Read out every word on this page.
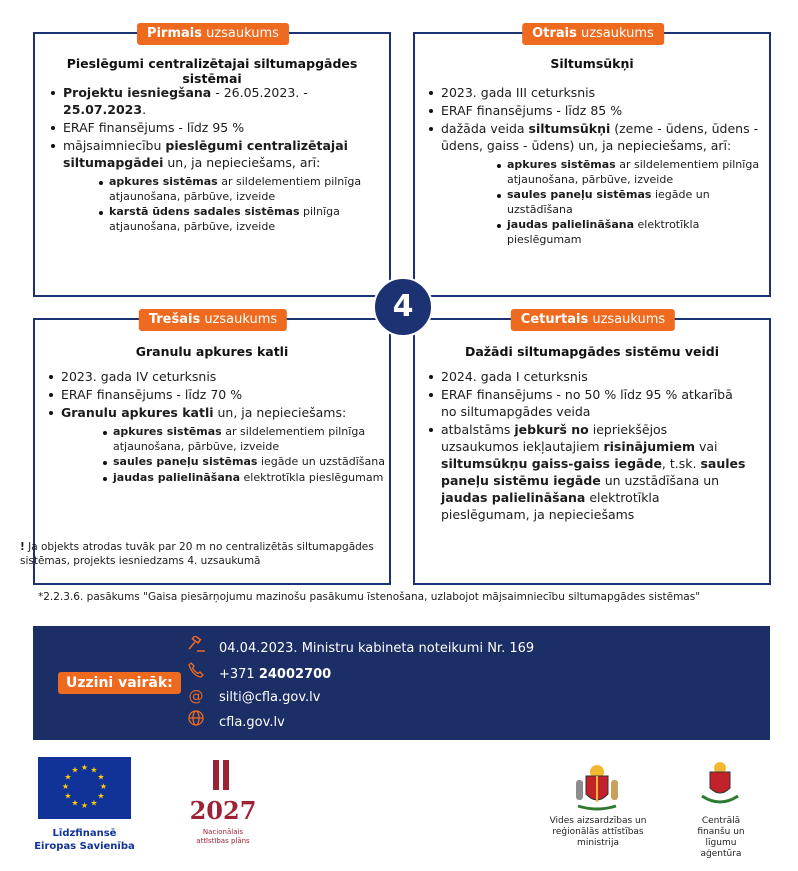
Pirmais uzsaukums
Pieslēgumi centralizētajai siltumapgādes sistēmai
Projektu iesniegšana - 26.05.2023. - 25.07.2023.
ERAF finansējums - līdz 95 %
mājsaimniecību pieslēgumi centralizētajai siltumapgādei un, ja nepieciešams, arī:
apkures sistēmas ar sildelementiem pilnīga atjaunošana, pārbūve, izveide
karstā ūdens sadales sistēmas pilnīga atjaunošana, pārbūve, izveide
Otrais uzsaukums
Siltumsūkņi
2023. gada III ceturksnis
ERAF finansējums - līdz 85 %
dažāda veida siltumsūkņi (zeme - ūdens, ūdens - ūdens, gaiss - ūdens) un, ja nepieciešams, arī:
apkures sistēmas ar sildelementiem pilnīga atjaunošana, pārbūve, izveide
saules paneļu sistēmas iegāde un uzstādīšana
jaudas palielināšana elektrotīkla pieslēgumam
Trešais uzsaukums
Granulu apkures katli
2023. gada IV ceturksnis
ERAF finansējums - līdz 70 %
Granulu apkures katli un, ja nepieciešams:
apkures sistēmas ar sildelementiem pilnīga atjaunošana, pārbūve, izveide
saules paneļu sistēmas iegāde un uzstādīšana
jaudas palielināšana elektrotīkla pieslēgumam
! Ja objekts atrodas tuvāk par 20 m no centralizētās siltumapgādes sistēmas, projekts iesniedzams 4. uzsaukumā
Ceturtais uzsaukums
Dažādi siltumapgādes sistēmu veidi
2024. gada I ceturksnis
ERAF finansējums - no 50 % līdz 95 % atkarībā no siltumapgādes veida
atbalstāms jebkurš no iepriekšējos uzsaukumos iekļautajiem risinājumiem vai siltumsūkņu gaiss-gaiss iegāde, t.sk. saules paneļu sistēmu iegāde un uzstādīšana un jaudas palielināšana elektrotīkla pieslēgumam, ja nepieciešams
4
*2.2.3.6. pasākums "Gaisa piesārņojumu mazinošu pasākumu īstenošana, uzlabojot mājsaimniecību siltumapgādes sistēmas"
Uzzini vairāk:
04.04.2023. Ministru kabineta noteikumi Nr. 169
+371 24002700
@ silti@cfla.gov.lv
cfla.gov.lv
★ ★
★
★
★
★
★
★
★
★
★
★
Līdzfinansē
Eiropas Savienība
2027
Nacionālais
attīstības plāns
Vides aizsardzības un reģionālās attīstības ministrija
Centrālā finanšu un līgumu aģentūra
